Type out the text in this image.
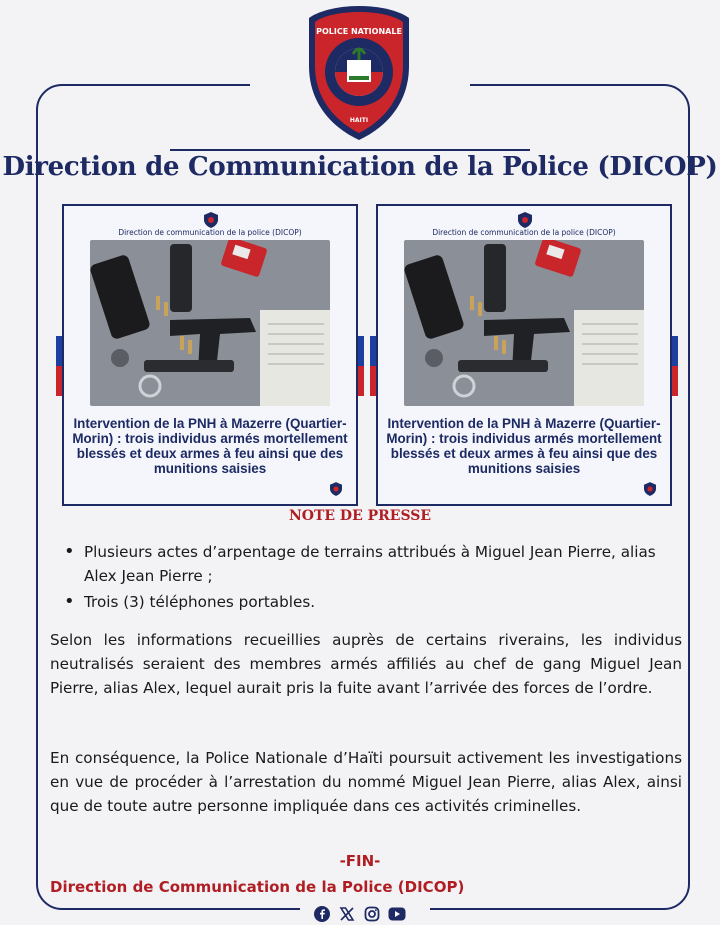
POLICE NATIONALE
HAITI
Direction de Communication de la Police (DICOP)
Direction de communication de la police (DICOP)
Intervention de la PNH à Mazerre (Quartier-Morin) : trois individus armés mortellement blessés et deux armes à feu ainsi que des munitions saisies
Direction de communication de la police (DICOP)
Intervention de la PNH à Mazerre (Quartier-Morin) : trois individus armés mortellement blessés et deux armes à feu ainsi que des munitions saisies
NOTE DE PRESSE
• Plusieurs actes d’arpentage de terrains attribués à Miguel Jean Pierre, alias Alex Jean Pierre ;
• Trois (3) téléphones portables.
Selon les informations recueillies auprès de certains riverains, les individus neutralisés seraient des membres armés affiliés au chef de gang Miguel Jean Pierre, alias Alex, lequel aurait pris la fuite avant l’arrivée des forces de l’ordre.
En conséquence, la Police Nationale d’Haïti poursuit activement les investigations en vue de procéder à l’arrestation du nommé Miguel Jean Pierre, alias Alex, ainsi que de toute autre personne impliquée dans ces activités criminelles.
-FIN-
Direction de Communication de la Police (DICOP)
